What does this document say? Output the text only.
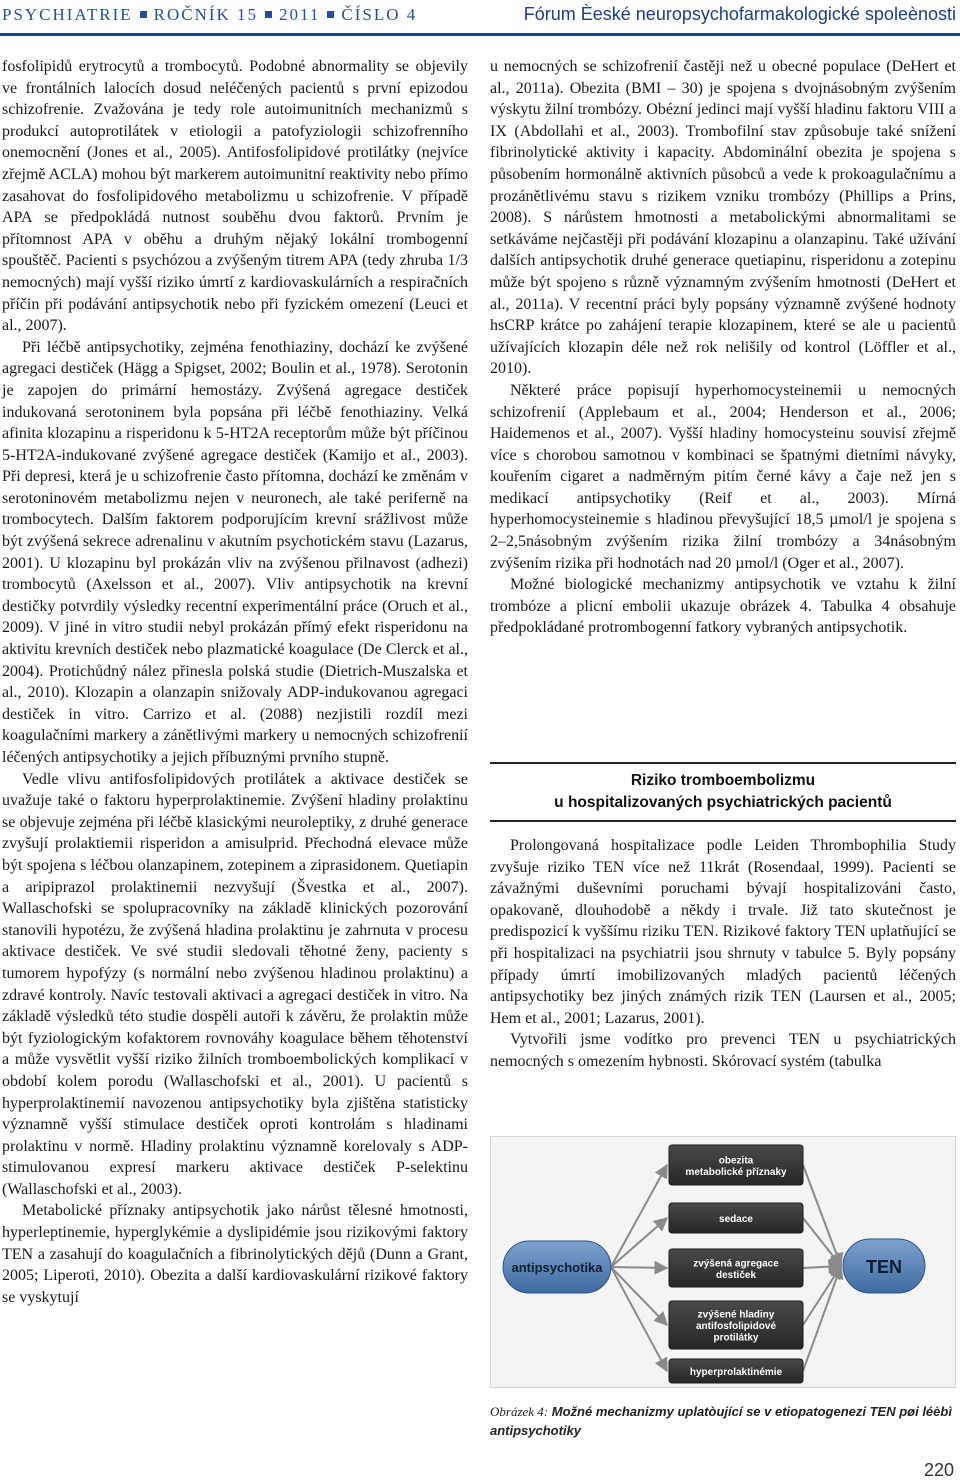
PSYCHIATRIE ROČNÍK 15 2011 ČÍSLO 4	Fórum Èeské neuropsychofarmakologické spoleènosti

fosfolipidů erytrocytů a trombocytů. Podobné abnormality se objevily ve frontálních lalocích dosud neléčených pacientů s první epizodou schizofrenie. Zvažována je tedy role autoimunitních mechanizmů s produkcí autoprotilátek v etiologii a patofyziologii schizofrenního onemocnění (Jones et al., 2005). Antifosfolipidové protilátky (nejvíce zřejmě ACLA) mohou být markerem autoimunitní reaktivity nebo přímo zasahovat do fosfolipidového metabolizmu u schizofrenie. V případě APA se předpokládá nutnost souběhu dvou faktorů. Prvním je přítomnost APA v oběhu a druhým nějaký lokální trombogenní spouštěč. Pacienti s psychózou a zvýšeným titrem APA (tedy zhruba 1/3 nemocných) mají vyšší riziko úmrtí z kardiovaskulárních a respiračních příčin při podávání antipsychotik nebo při fyzickém omezení (Leuci et al., 2007).

Při léčbě antipsychotiky, zejména fenothiaziny, dochází ke zvýšené agregaci destiček (Hägg a Spigset, 2002; Boulin et al., 1978). Serotonin je zapojen do primární hemostázy. Zvýšená agregace destiček indukovaná serotoninem byla popsána při léčbě fenothiaziny. Velká afinita klozapinu a risperidonu k 5-HT2A receptorům může být příčinou 5-HT2A-indukované zvýšené agregace destiček (Kamijo et al., 2003). Při depresi, která je u schizofrenie často přítomna, dochází ke změnám v serotoninovém metabolizmu nejen v neuronech, ale také periferně na trombocytech. Dalším faktorem podporujícím krevní srážlivost může být zvýšená sekrece adrenalinu v akutním psychotickém stavu (Lazarus, 2001). U klozapinu byl prokázán vliv na zvýšenou přilnavost (adhezi) trombocytů (Axelsson et al., 2007). Vliv antipsychotik na krevní destičky potvrdily výsledky recentní experimentální práce (Oruch et al., 2009). V jiné in vitro studii nebyl prokázán přímý efekt risperidonu na aktivitu krevních destiček nebo plazmatické koagulace (De Clerck et al., 2004). Protichůdný nález přinesla polská studie (Dietrich-Muszalska et al., 2010). Klozapin a olanzapin snižovaly ADP-indukovanou agregaci destiček in vitro. Carrizo et al. (2088) nezjistili rozdíl mezi koagulačními markery a zánětlivými markery u nemocných schizofrenií léčených antipsychotiky a jejich příbuznými prvního stupně.

Vedle vlivu antifosfolipidových protilátek a aktivace destiček se uvažuje také o faktoru hyperprolaktinemie. Zvýšení hladiny prolaktinu se objevuje zejména při léčbě klasickými neuroleptiky, z druhé generace zvyšují prolaktiemii risperidon a amisulprid. Přechodná elevace může být spojena s léčbou olanzapinem, zotepinem a ziprasidonem. Quetiapin a aripiprazol prolaktinemii nezvyšují (Švestka et al., 2007). Wallaschofski se spolupracovníky na základě klinických pozorování stanovili hypotézu, že zvýšená hladina prolaktinu je zahrnuta v procesu aktivace destiček. Ve své studii sledovali těhotné ženy, pacienty s tumorem hypofýzy (s normální nebo zvýšenou hladinou prolaktinu) a zdravé kontroly. Navíc testovali aktivaci a agregaci destiček in vitro. Na základě výsledků této studie dospěli autoři k závěru, že prolaktin může být fyziologickým kofaktorem rovnováhy koagulace během těhotenství a může vysvětlit vyšší riziko žilních tromboembolických komplikací v období kolem porodu (Wallaschofski et al., 2001). U pacientů s hyperprolaktinemií navozenou antipsychotiky byla zjištěna statisticky významně vyšší stimulace destiček oproti kontrolám s hladinami prolaktinu v normě. Hladiny prolaktinu významně korelovaly s ADP-stimulovanou expresí markeru aktivace destiček P-selektinu (Wallaschofski et al., 2003).

Metabolické příznaky antipsychotik jako nárůst tělesné hmotnosti, hyperleptinemie, hyperglykémie a dyslipidémie jsou rizikovými faktory TEN a zasahují do koagulačních a fibrinolytických dějů (Dunn a Grant, 2005; Liperoti, 2010). Obezita a další kardiovaskulární rizikové faktory se vyskytují

u nemocných se schizofrenií častěji než u obecné populace (DeHert et al., 2011a). Obezita (BMI – 30) je spojena s dvojnásobným zvýšením výskytu žilní trombózy. Obézní jedinci mají vyšší hladinu faktoru VIII a IX (Abdollahi et al., 2003). Trombofilní stav způsobuje také snížení fibrinolytické aktivity i kapacity. Abdominální obezita je spojena s působením hormonálně aktivních působců a vede k prokoagulačnímu a prozánětlivému stavu s rizikem vzniku trombózy (Phillips a Prins, 2008). S nárůstem hmotnosti a metabolickými abnormalitami se setkáváme nejčastěji při podávání klozapinu a olanzapinu. Také užívání dalších antipsychotik druhé generace quetiapinu, risperidonu a zotepinu může být spojeno s různě významným zvýšením hmotnosti (DeHert et al., 2011a). V recentní práci byly popsány významně zvýšené hodnoty hsCRP krátce po zahájení terapie klozapinem, které se ale u pacientů užívajících klozapin déle než rok nelišily od kontrol (Löffler et al., 2010).

Některé práce popisují hyperhomocysteinemii u nemocných schizofrenií (Applebaum et al., 2004; Henderson et al., 2006; Haidemenos et al., 2007). Vyšší hladiny homocysteinu souvisí zřejmě více s chorobou samotnou v kombinaci se špatnými dietními návyky, kouřením cigaret a nadměrným pitím černé kávy a čaje než jen s medikací antipsychotiky (Reif et al., 2003). Mírná hyperhomocysteinemie s hladinou převyšující 18,5 µmol/l je spojena s 2–2,5násobným zvýšením rizika žilní trombózy a 34násobným zvýšením rizika při hodnotách nad 20 µmol/l (Oger et al., 2007).

Možné biologické mechanizmy antipsychotik ve vztahu k žilní trombóze a plicní embolii ukazuje obrázek 4. Tabulka 4 obsahuje předpokládané protrombogenní fatkory vybraných antipsychotik.

Riziko tromboembolizmu
u hospitalizovaných psychiatrických pacientů

Prolongovaná hospitalizace podle Leiden Thrombophilia Study zvyšuje riziko TEN více než 11krát (Rosendaal, 1999). Pacienti se závažnými duševními poruchami bývají hospitalizováni často, opakovaně, dlouhodobě a někdy i trvale. Již tato skutečnost je predispozicí k vyššímu riziku TEN. Rizikové faktory TEN uplatňující se při hospitalizaci na psychiatrii jsou shrnuty v tabulce 5. Byly popsány případy úmrtí imobilizovaných mladých pacientů léčených antipsychotiky bez jiných známých rizik TEN (Laursen et al., 2005; Hem et al., 2001; Lazarus, 2001).

Vytvořili jsme vodítko pro prevenci TEN u psychiatrických nemocných s omezením hybnosti. Skórovací systém (tabulka

obezita
metabolické příznaky
sedace
zvýšená agregace
destiček
zvýšené hladiny
antifosfolipidové
protilátky
hyperprolaktinémie
antipsychotika	TEN
Obrázek 4: Možné mechanizmy uplatòující se v etiopatogenezi TEN pøi léèbì antipsychotiky
220
